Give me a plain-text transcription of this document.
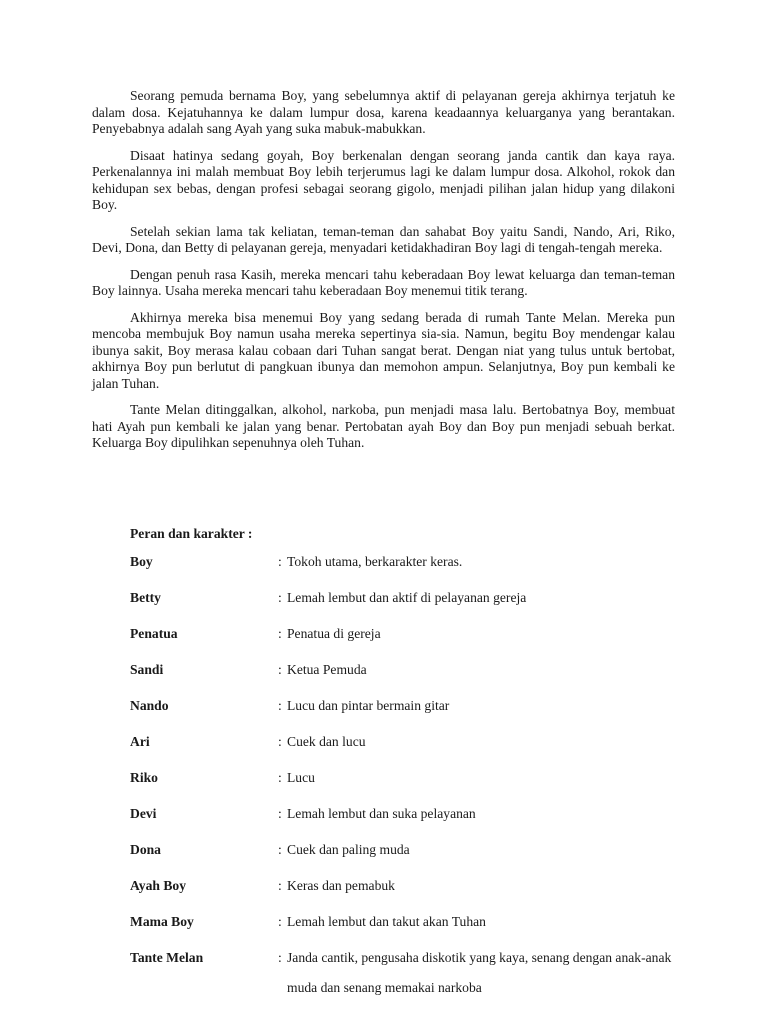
Seorang pemuda bernama Boy, yang sebelumnya aktif di pelayanan gereja akhirnya terjatuh ke dalam dosa. Kejatuhannya ke dalam lumpur dosa, karena keadaannya keluarganya yang berantakan. Penyebabnya adalah sang Ayah yang suka mabuk-mabukkan.

Disaat hatinya sedang goyah, Boy berkenalan dengan seorang janda cantik dan kaya raya. Perkenalannya ini malah membuat Boy lebih terjerumus lagi ke dalam lumpur dosa. Alkohol, rokok dan kehidupan sex bebas, dengan profesi sebagai seorang gigolo, menjadi pilihan jalan hidup yang dilakoni Boy.

Setelah sekian lama tak keliatan, teman-teman dan sahabat Boy yaitu Sandi, Nando, Ari, Riko, Devi, Dona, dan Betty di pelayanan gereja, menyadari ketidakhadiran Boy lagi di tengah-tengah mereka.

Dengan penuh rasa Kasih, mereka mencari tahu keberadaan Boy lewat keluarga dan teman-teman Boy lainnya. Usaha mereka mencari tahu keberadaan Boy menemui titik terang.

Akhirnya mereka bisa menemui Boy yang sedang berada di rumah Tante Melan. Mereka pun mencoba membujuk Boy namun usaha mereka sepertinya sia-sia. Namun, begitu Boy mendengar kalau ibunya sakit, Boy merasa kalau cobaan dari Tuhan sangat berat. Dengan niat yang tulus untuk bertobat, akhirnya Boy pun berlutut di pangkuan ibunya dan memohon ampun. Selanjutnya, Boy pun kembali ke jalan Tuhan.

Tante Melan ditinggalkan, alkohol, narkoba, pun menjadi masa lalu. Bertobatnya Boy, membuat hati Ayah pun kembali ke jalan yang benar. Pertobatan ayah Boy dan Boy pun menjadi sebuah berkat. Keluarga Boy dipulihkan sepenuhnya oleh Tuhan.

Peran dan karakter :

Boy	: Tokoh utama, berkarakter keras.
Betty	: Lemah lembut dan aktif di pelayanan gereja
Penatua	: Penatua di gereja
Sandi	: Ketua Pemuda
Nando	: Lucu dan pintar bermain gitar
Ari	: Cuek dan lucu
Riko	: Lucu
Devi	: Lemah lembut dan suka pelayanan
Dona	: Cuek dan paling muda
Ayah Boy	: Keras dan pemabuk
Mama Boy	: Lemah lembut dan takut akan Tuhan
Tante Melan	: Janda cantik, pengusaha diskotik yang kaya, senang dengan anak-anak muda dan senang memakai narkoba
